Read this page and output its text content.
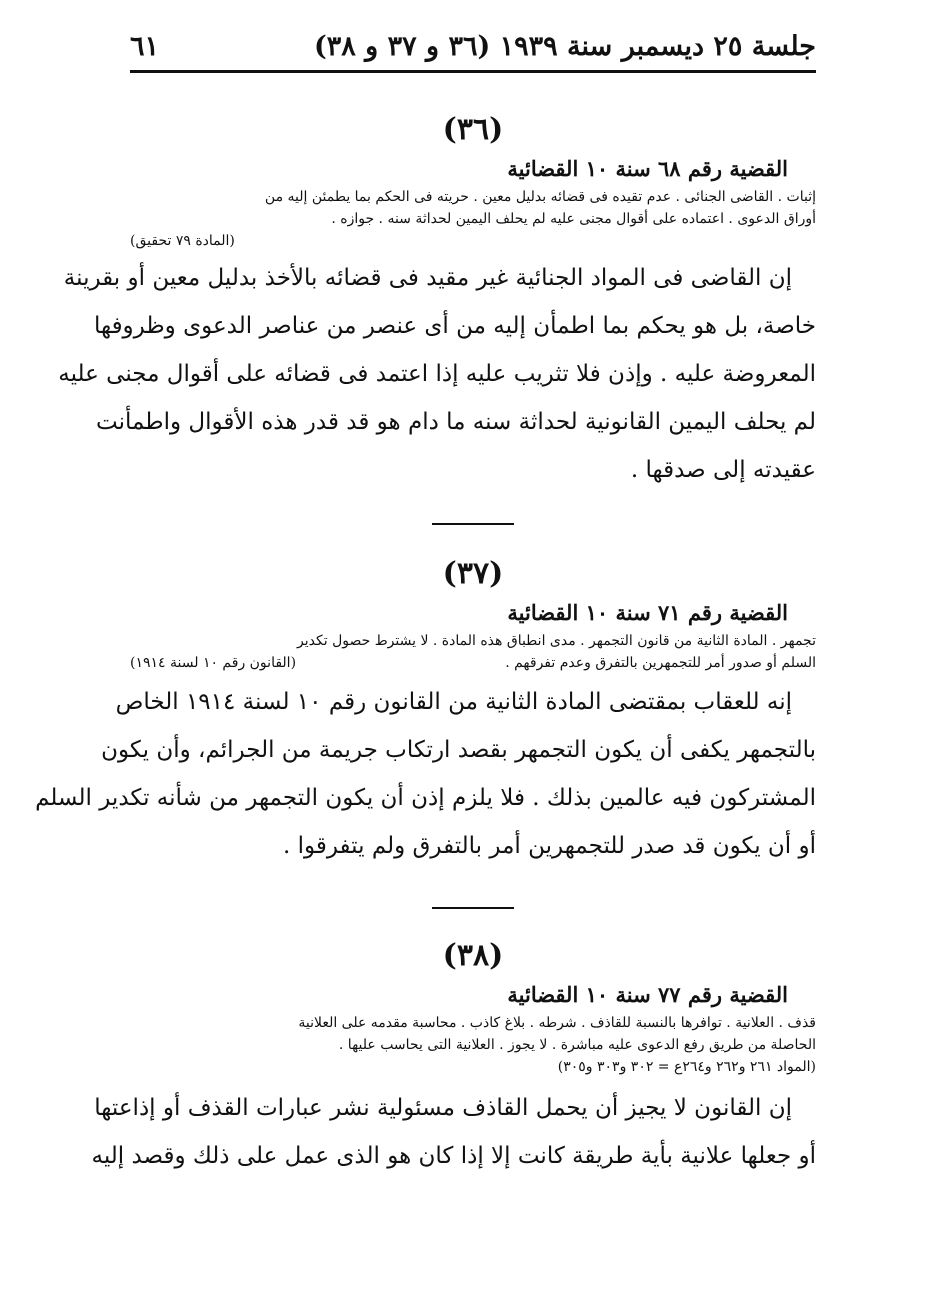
جلسة ٢٥ ديسمبر سنة ١٩٣٩ (٣٦ و ٣٧ و ٣٨)
٦١
(٣٦)
القضية رقم ٦٨ سنة ١٠ القضائية
إثبات . القاضى الجنائى . عدم تقيده فى قضائه بدليل معين . حريته فى الحكم بما يطمئن إليه من
أوراق الدعوى . اعتماده على أقوال مجنى عليه لم يحلف اليمين لحداثة سنه . جوازه .
(المادة ٧٩ تحقيق)
إن القاضى فى المواد الجنائية غير مقيد فى قضائه بالأخذ بدليل معين أو بقرينة
خاصة، بل هو يحكم بما اطمأن إليه من أى عنصر من عناصر الدعوى وظروفها
المعروضة عليه . وإذن فلا تثريب عليه إذا اعتمد فى قضائه على أقوال مجنى عليه
لم يحلف اليمين القانونية لحداثة سنه ما دام هو قد قدر هذه الأقوال واطمأنت
عقيدته إلى صدقها .
(٣٧)
القضية رقم ٧١ سنة ١٠ القضائية
تجمهر . المادة الثانية من قانون التجمهر . مدى انطباق هذه المادة . لا يشترط حصول تكدير
السلم أو صدور أمر للتجمهرين بالتفرق وعدم تفرقهم .
(القانون رقم ١٠ لسنة ١٩١٤)
إنه للعقاب بمقتضى المادة الثانية من القانون رقم ١٠ لسنة ١٩١٤ الخاص
بالتجمهر يكفى أن يكون التجمهر بقصد ارتكاب جريمة من الجرائم، وأن يكون
المشتركون فيه عالمين بذلك . فلا يلزم إذن أن يكون التجمهر من شأنه تكدير السلم
أو أن يكون قد صدر للتجمهرين أمر بالتفرق ولم يتفرقوا .
(٣٨)
القضية رقم ٧٧ سنة ١٠ القضائية
قذف . العلانية . توافرها بالنسبة للقاذف . شرطه . بلاغ كاذب . محاسبة مقدمه على العلانية
الحاصلة من طريق رفع الدعوى عليه مباشرة . لا يجوز . العلانية التى يحاسب عليها .
(المواد ٢٦١ و٢٦٢ و٢٦٤ع = ٣٠٢ و٣٠٣ و٣٠٥)
إن القانون لا يجيز أن يحمل القاذف مسئولية نشر عبارات القذف أو إذاعتها
أو جعلها علانية بأية طريقة كانت إلا إذا كان هو الذى عمل على ذلك وقصد إليه
